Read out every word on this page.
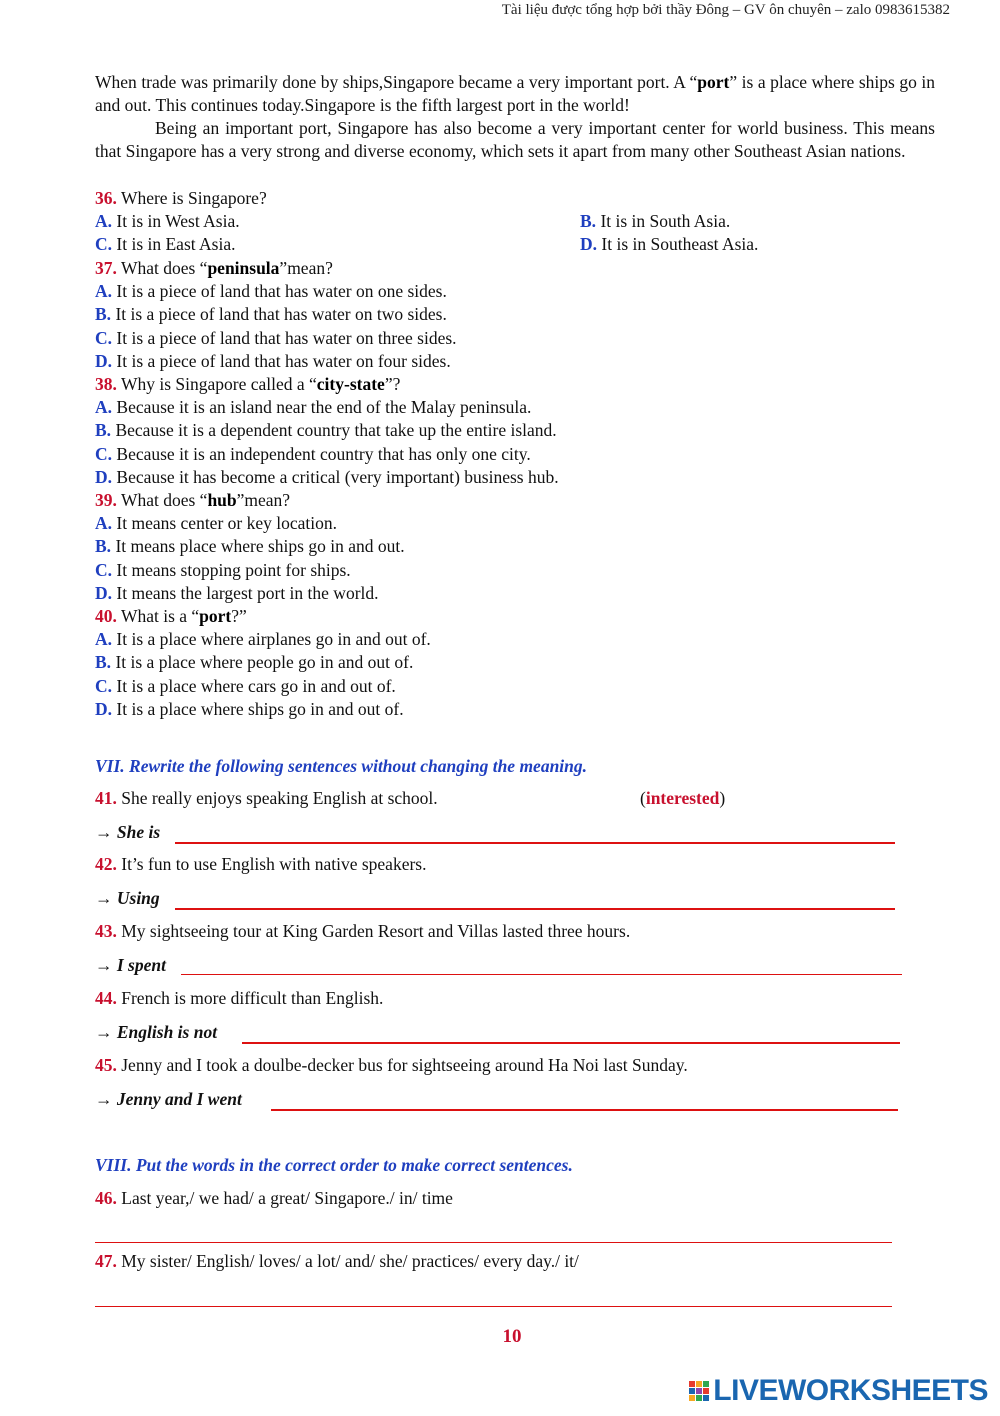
Tài liệu được tổng hợp bởi thầy Đông – GV ôn chuyên – zalo 0983615382

When trade was primarily done by ships,Singapore became a very important port. A “port” is a place where ships go in and out. This continues today.Singapore is the fifth largest port in the world!

Being an important port, Singapore has also become a very important center for world business. This means that Singapore has a very strong and diverse economy, which sets it apart from many other Southeast Asian nations.

36. Where is Singapore?
A. It is in West Asia.	B. It is in South Asia.
C. It is in East Asia.	D. It is in Southeast Asia.
37. What does “peninsula”mean?
A. It is a piece of land that has water on one sides.
B. It is a piece of land that has water on two sides.
C. It is a piece of land that has water on three sides.
D. It is a piece of land that has water on four sides.
38. Why is Singapore called a “city-state”?
A. Because it is an island near the end of the Malay peninsula.
B. Because it is a dependent country that take up the entire island.
C. Because it is an independent country that has only one city.
D. Because it has become a critical (very important) business hub.
39. What does “hub”mean?
A. It means center or key location.
B. It means place where ships go in and out.
C. It means stopping point for ships.
D. It means the largest port in the world.
40. What is a “port?”
A. It is a place where airplanes go in and out of.
B. It is a place where people go in and out of.
C. It is a place where cars go in and out of.
D. It is a place where ships go in and out of.
VII. Rewrite the following sentences without changing the meaning.
41. She really enjoys speaking English at school.	(interested)
→ She is
42. It’s fun to use English with native speakers.
→ Using
43. My sightseeing tour at King Garden Resort and Villas lasted three hours.
→ I spent
44. French is more difficult than English.
→ English is not
45. Jenny and I took a doulbe-decker bus for sightseeing around Ha Noi last Sunday.
→ Jenny and I went
VIII. Put the words in the correct order to make correct sentences.
46. Last year,/ we had/ a great/ Singapore./ in/ time
47. My sister/ English/ loves/ a lot/ and/ she/ practices/ every day./ it/
10
LIVEWORKSHEETS
